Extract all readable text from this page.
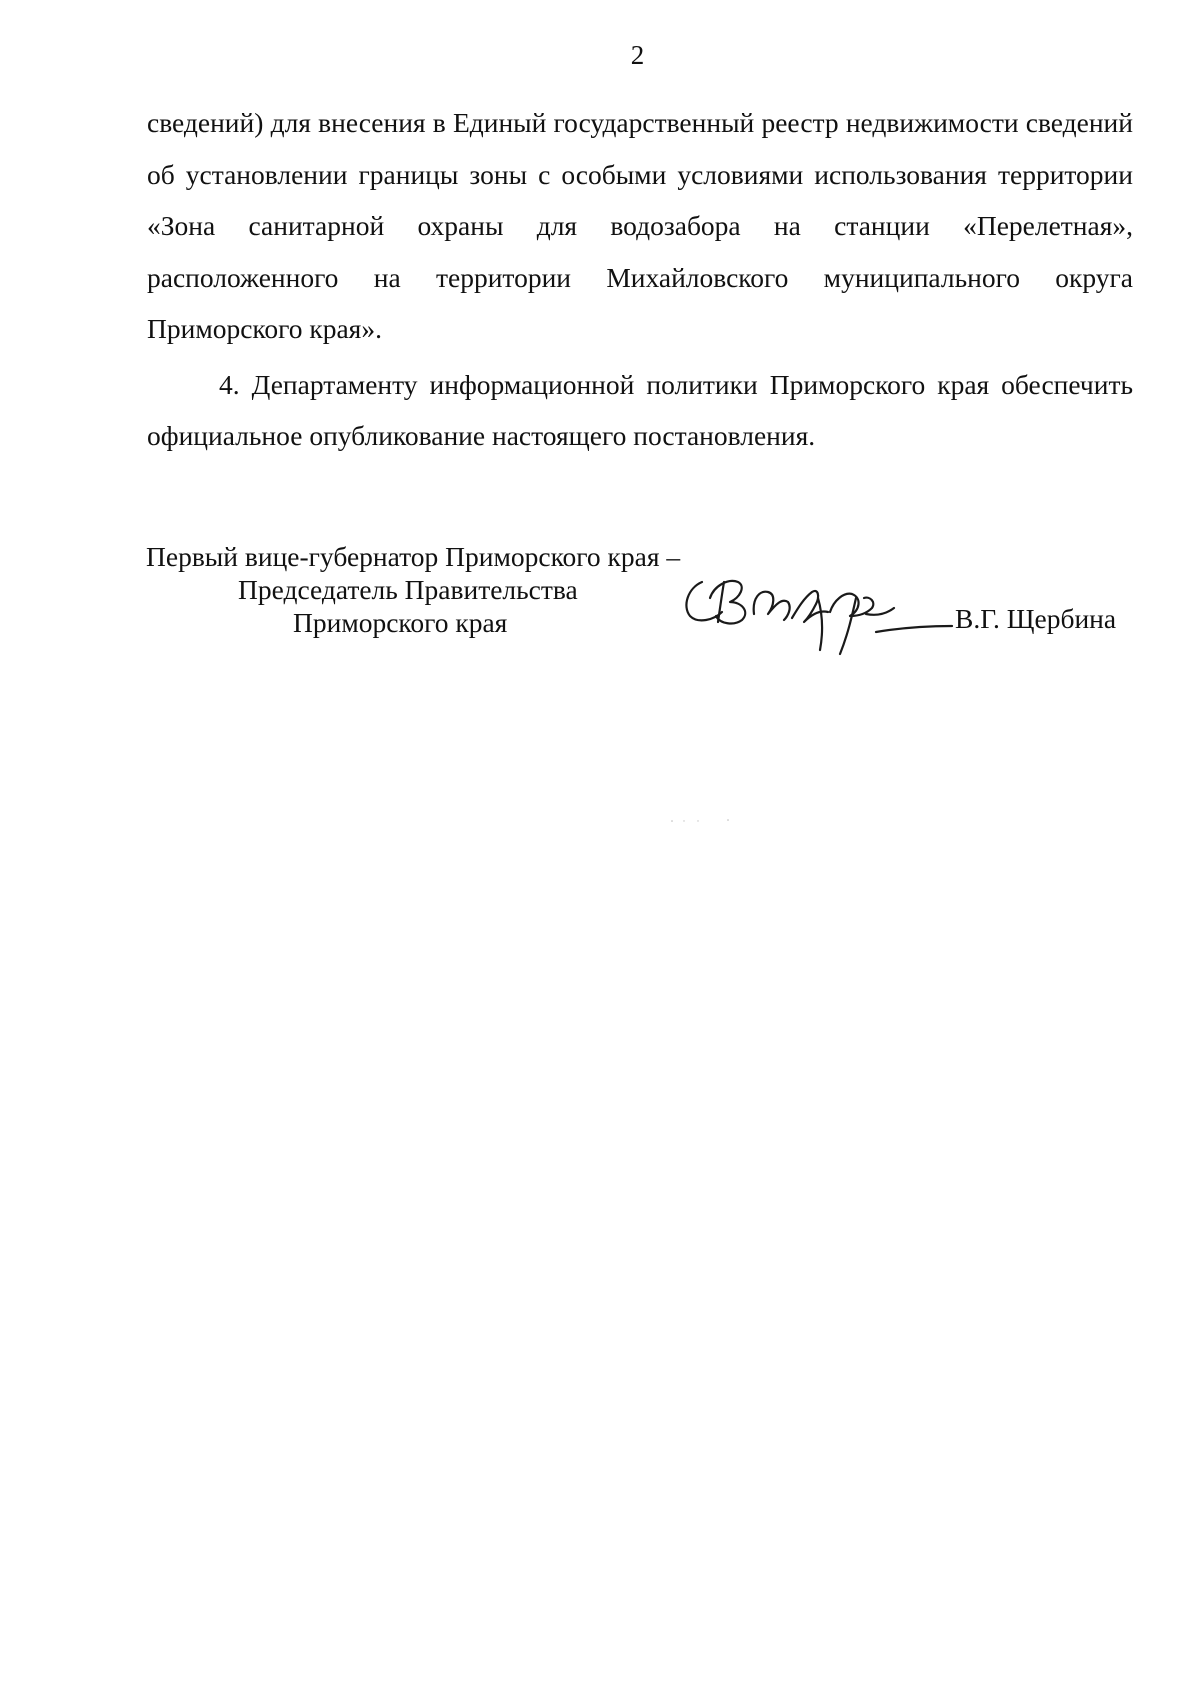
2

сведений) для внесения в Единый государственный реестр недвижимости сведений об установлении границы зоны с особыми условиями использования территории «Зона санитарной охраны для водозабора на станции «Перелетная», расположенного на территории Михайловского муниципального округа Приморского края».

4. Департаменту информационной политики Приморского края обеспечить официальное опубликование настоящего постановления.

Первый вице-губернатор Приморского края –
Председатель Правительства
Приморского края	В.Г. Щербина
